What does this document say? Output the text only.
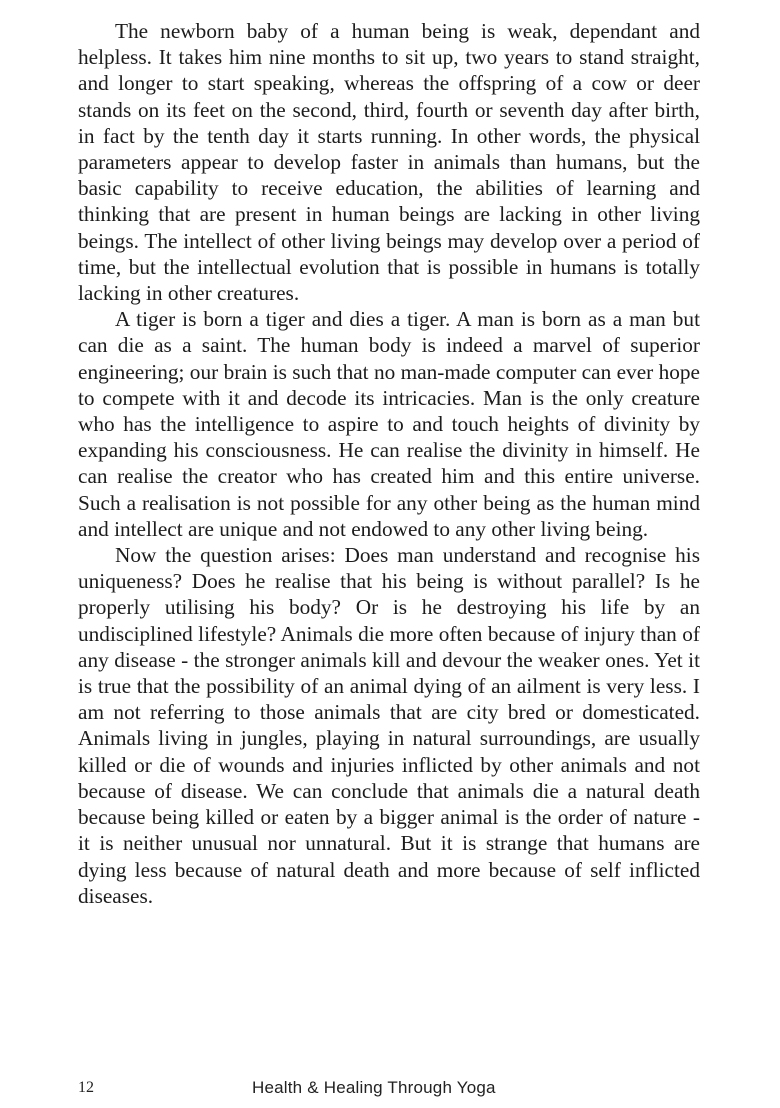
The newborn baby of a human being is weak, dependant and helpless. It takes him nine months to sit up, two years to stand straight, and longer to start speaking, whereas the offspring of a cow or deer stands on its feet on the second, third, fourth or seventh day after birth, in fact by the tenth day it starts running. In other words, the physical parameters appear to develop faster in animals than humans, but the basic capability to receive education, the abilities of learning and thinking that are present in human beings are lacking in other living beings. The intellect of other living beings may develop over a period of time, but the intellectual evolution that is possible in humans is totally lacking in other creatures.

A tiger is born a tiger and dies a tiger. A man is born as a man but can die as a saint. The human body is indeed a marvel of superior engineering; our brain is such that no man-made computer can ever hope to compete with it and decode its intricacies. Man is the only creature who has the intelligence to aspire to and touch heights of divinity by expanding his consciousness. He can realise the divinity in himself. He can realise the creator who has created him and this entire universe. Such a realisation is not possible for any other being as the human mind and intellect are unique and not endowed to any other living being.

Now the question arises: Does man understand and recognise his uniqueness? Does he realise that his being is without parallel? Is he properly utilising his body? Or is he destroying his life by an undisciplined lifestyle? Animals die more often because of injury than of any disease - the stronger animals kill and devour the weaker ones. Yet it is true that the possibility of an animal dying of an ailment is very less. I am not referring to those animals that are city bred or domesticated. Animals living in jungles, playing in natural surroundings, are usually killed or die of wounds and injuries inflicted by other animals and not because of disease. We can conclude that animals die a natural death because being killed or eaten by a bigger animal is the order of nature - it is neither unusual nor unnatural. But it is strange that humans are dying less because of natural death and more because of self inflicted diseases.

12	Health & Healing Through Yoga
